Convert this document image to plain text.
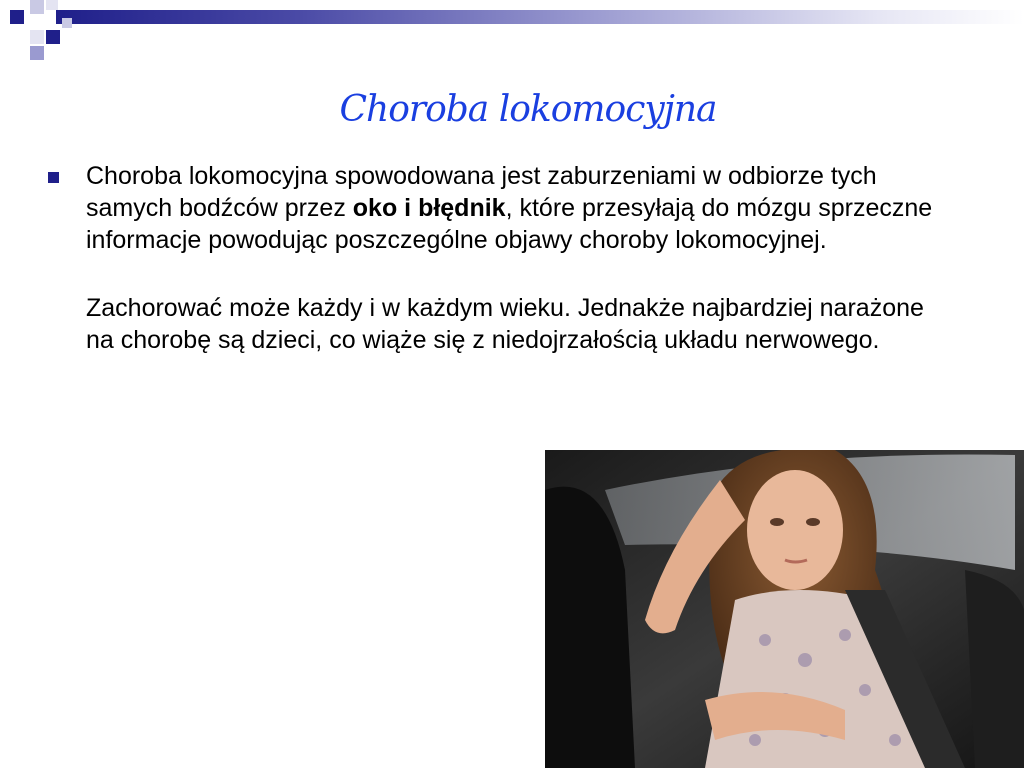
Choroba lokomocyjna

Choroba lokomocyjna spowodowana jest zaburzeniami w odbiorze tych samych bodźców przez oko i błędnik, które przesyłają do mózgu sprzeczne informacje powodując poszczególne objawy choroby lokomocyjnej.

Zachorować może każdy i w każdym wieku. Jednakże najbardziej narażone na chorobę są dzieci, co wiąże się z niedojrzałością układu nerwowego.
